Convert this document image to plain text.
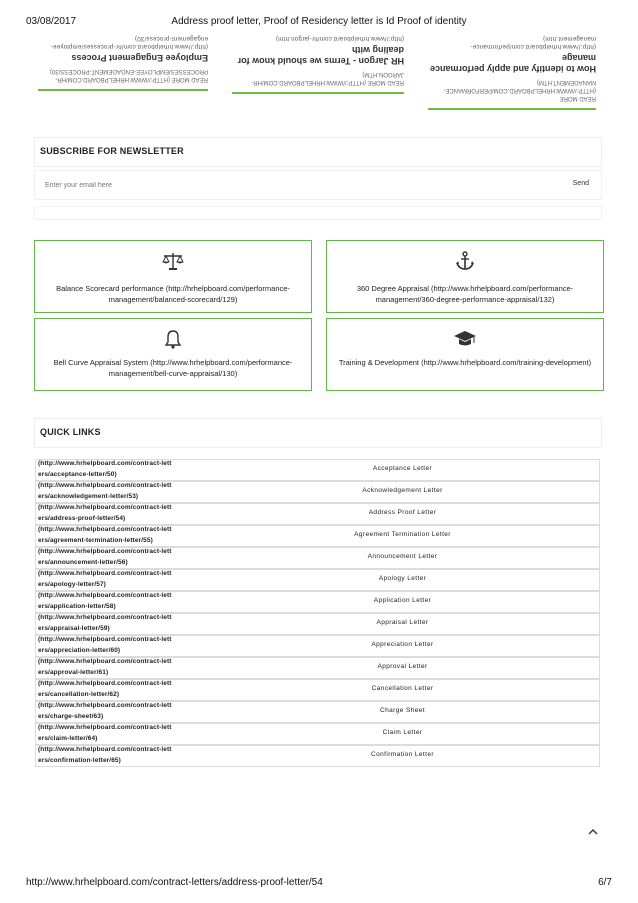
03/08/2017	Address proof letter, Proof of Residency letter is Id Proof of identity
http://www.hrhelpboard.com/contract-letters/address-proof-letter/54	6/7
READ MORE (HTTP://WWW.HRHELPBOARD.COM/HR-PROCESSES/EMPLOYEE-ENGAGEMENT-PROCESS/30)
Employee Engagement Process
(http://www.hrhelpboard.com/hr-processes/employee-engagement-process/30)
READ MORE (HTTP://WWW.HRHELPBOARD.COM/HR-JARGON.HTM)
HR Jargon - Terms we should know for dealing with
(http://www.hrhelpboard.com/hr-jargon.htm)
READ MORE (HTTP://WWW.HRHELPBOARD.COM/PERFORMANCE-MANAGEMENT.HTM)
How to identify and apply performance manage
(http://www.hrhelpboard.com/performance-management.htm)
SUBSCRIBE FOR NEWSLETTER
Enter your email here
Send
Balance Scorecard performance (http://hrhelpboard.com/performance-management/balanced-scorecard/129)
360 Degree Appraisal (http://www.hrhelpboard.com/performance-management/360-degree-performance-appraisal/132)
Bell Curve Appraisal System (http://www.hrhelpboard.com/performance-management/bell-curve-appraisal/130)
Training & Development (http://www.hrhelpboard.com/training-development)
QUICK LINKS
(http://www.hrhelpboard.com/contract-letters/acceptance-letter/50)
Acceptance Letter
(http://www.hrhelpboard.com/contract-letters/acknowledgement-letter/53)
Acknowledgement Letter
(http://www.hrhelpboard.com/contract-letters/address-proof-letter/54)
Address Proof Letter
(http://www.hrhelpboard.com/contract-letters/agreement-termination-letter/55)
Agreement Termination Letter
(http://www.hrhelpboard.com/contract-letters/announcement-letter/56)
Announcement Letter
(http://www.hrhelpboard.com/contract-letters/apology-letter/57)
Apology Letter
(http://www.hrhelpboard.com/contract-letters/application-letter/58)
Application Letter
(http://www.hrhelpboard.com/contract-letters/appraisal-letter/59)
Appraisal Letter
(http://www.hrhelpboard.com/contract-letters/appreciation-letter/60)
Appreciation Letter
(http://www.hrhelpboard.com/contract-letters/approval-letter/61)
Approval Letter
(http://www.hrhelpboard.com/contract-letters/cancellation-letter/62)
Cancellation Letter
(http://www.hrhelpboard.com/contract-letters/charge-sheet/63)
Charge Sheet
(http://www.hrhelpboard.com/contract-letters/claim-letter/64)
Claim Letter
(http://www.hrhelpboard.com/contract-letters/confirmation-letter/65)
Confirmation Letter
